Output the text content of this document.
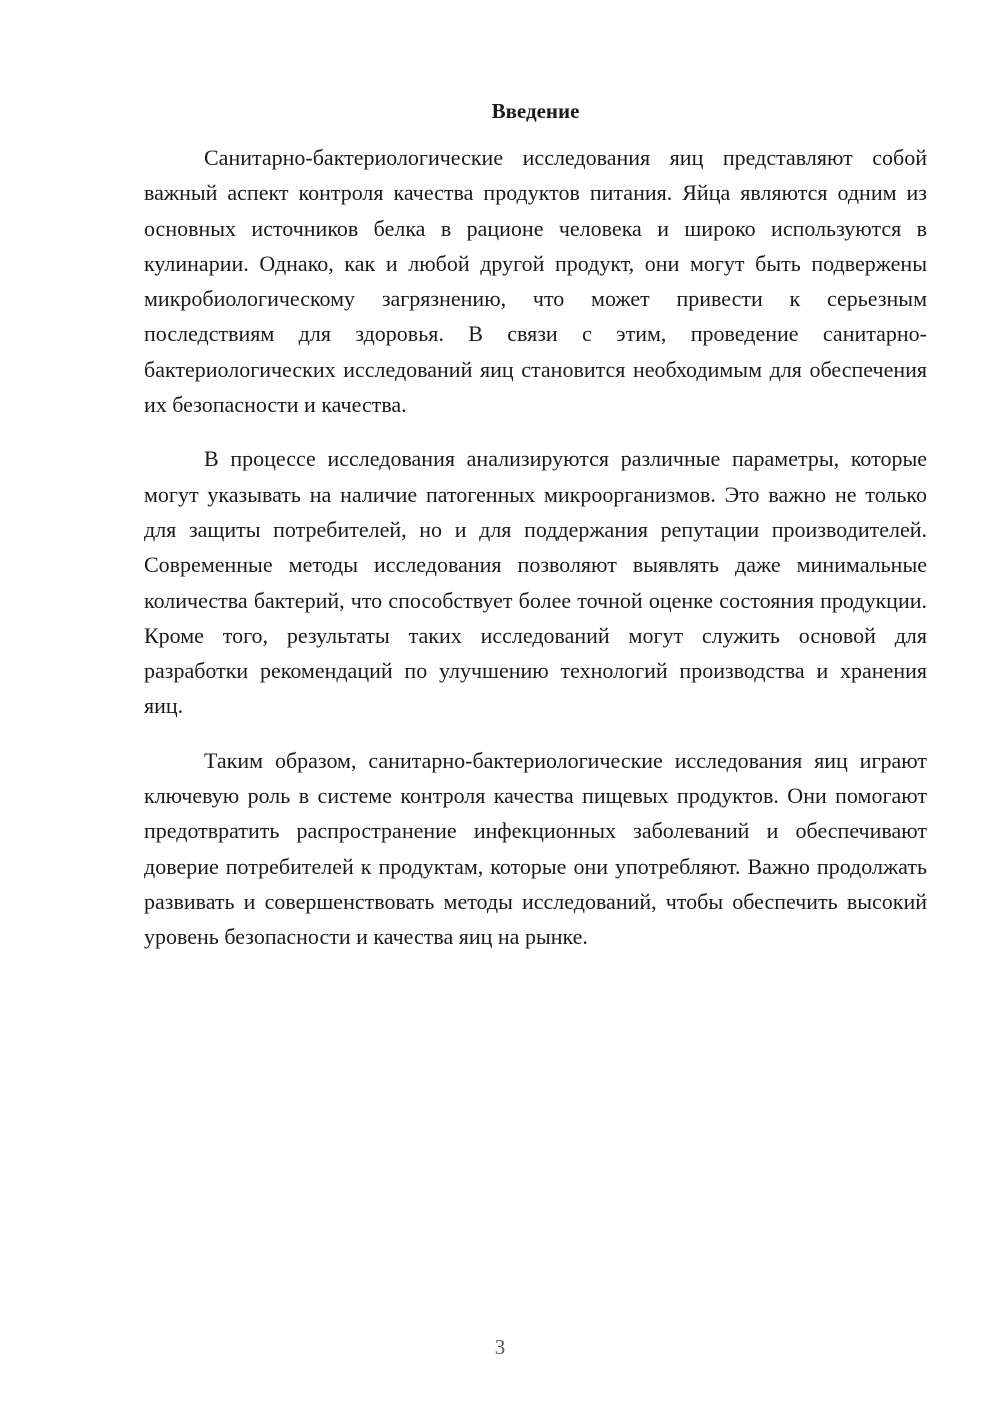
Введение

Санитарно-бактериологические исследования яиц представляют собой важный аспект контроля качества продуктов питания. Яйца являются одним из основных источников белка в рационе человека и широко используются в кулинарии. Однако, как и любой другой продукт, они могут быть подвержены микробиологическому загрязнению, что может привести к серьезным последствиям для здоровья. В связи с этим, проведение санитарно-бактериологических исследований яиц становится необходимым для обеспечения их безопасности и качества.

В процессе исследования анализируются различные параметры, которые могут указывать на наличие патогенных микроорганизмов. Это важно не только для защиты потребителей, но и для поддержания репутации производителей. Современные методы исследования позволяют выявлять даже минимальные количества бактерий, что способствует более точной оценке состояния продукции. Кроме того, результаты таких исследований могут служить основой для разработки рекомендаций по улучшению технологий производства и хранения яиц.

Таким образом, санитарно-бактериологические исследования яиц играют ключевую роль в системе контроля качества пищевых продуктов. Они помогают предотвратить распространение инфекционных заболеваний и обеспечивают доверие потребителей к продуктам, которые они употребляют. Важно продолжать развивать и совершенствовать методы исследований, чтобы обеспечить высокий уровень безопасности и качества яиц на рынке.

3
